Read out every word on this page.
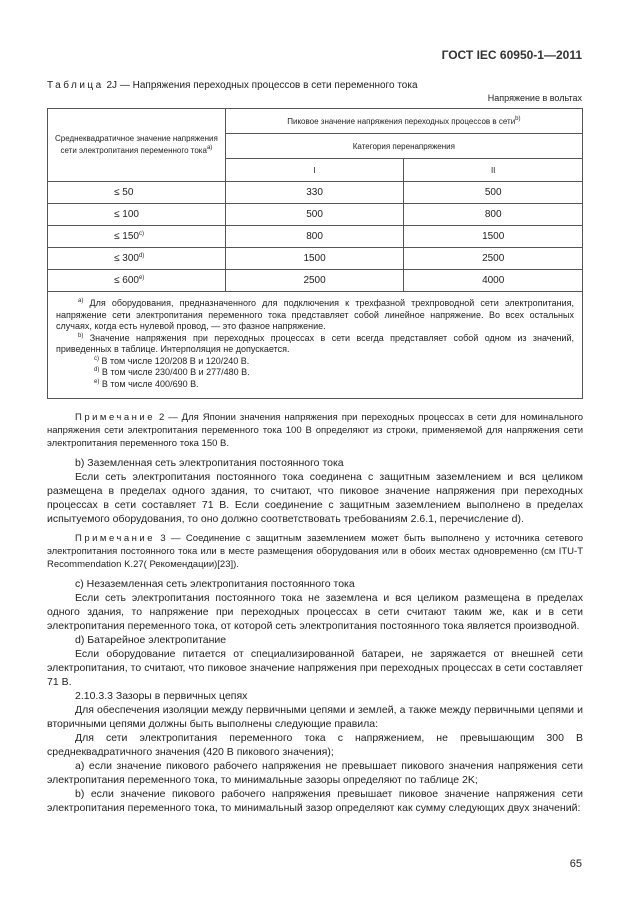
ГОСТ IEC 60950-1—2011
Таблица 2J — Напряжения переходных процессов в сети переменного тока
Напряжение в вольтах
Среднеквадратичное значение напряжения сети электропитания переменного тока$^{a)}$	Пиковое значение напряжения переходных процессов в сети$^{b)}$
	Категория перенапряжения	
	I	II
≤ 50	330	500
≤ 100	500	800
≤ $150^{c)}$	800	1500
≤ $300^{d)}$	1500	2500
≤ $600^{e)}$	2500	4000

$^{a)}$ Для оборудования, предназначенного для подключения к трехфазной трехпроводной сети электропитания, напряжение сети электропитания переменного тока представляет собой линейное напряжение. Во всех остальных случаях, когда есть нулевой провод, — это фазное напряжение.

$^{b)}$ Значение напряжения при переходных процессах в сети всегда представляет собой одном из значений, приведенных в таблице. Интерполяция не допускается.

$^{c)}$ В том числе 120/208 В и 120/240 В.

$^{d)}$ В том числе 230/400 В и 277/480 В.

$^{e)}$ В том числе 400/690 В.		

Примечание 2 — Для Японии значения напряжения при переходных процессах в сети для номинального напряжения сети электропитания переменного тока 100 В определяют из строки, применяемой для напряжения сети электропитания переменного тока 150 В.

b) Заземленная сеть электропитания постоянного тока

Если сеть электропитания постоянного тока соединена с защитным заземлением и вся целиком размещена в пределах одного здания, то считают, что пиковое значение напряжения при переходных процессах в сети составляет 71 В. Если соединение с защитным заземлением выполнено в пределах испытуемого оборудования, то оно должно соответствовать требованиям 2.6.1, перечисление d).

Примечание 3 — Соединение с защитным заземлением может быть выполнено у источника сетевого электропитания постоянного тока или в месте размещения оборудования или в обоих местах одновременно (см ITU-T Recommendation K.27( Рекомендации)[23]).

c) Незаземленная сеть электропитания постоянного тока

Если сеть электропитания постоянного тока не заземлена и вся целиком размещена в пределах одного здания, то напряжение при переходных процессах в сети считают таким же, как и в сети электропитания переменного тока, от которой сеть электропитания постоянного тока является производной.

d) Батарейное электропитание

Если оборудование питается от специализированной батареи, не заряжается от внешней сети электропитания, то считают, что пиковое значение напряжения при переходных процессах в сети составляет 71 В.

2.10.3.3 Зазоры в первичных цепях

Для обеспечения изоляции между первичными цепями и землей, а также между первичными цепями и вторичными цепями должны быть выполнены следующие правила:

Для сети электропитания переменного тока с напряжением, не превышающим 300 В среднеквадратичного значения (420 В пикового значения);

а) если значение пикового рабочего напряжения не превышает пикового значения напряжения сети электропитания переменного тока, то минимальные зазоры определяют по таблице 2K;

b) если значение пикового рабочего напряжения превышает пиковое значение напряжения сети электропитания переменного тока, то минимальный зазор определяют как сумму следующих двух значений:

65
